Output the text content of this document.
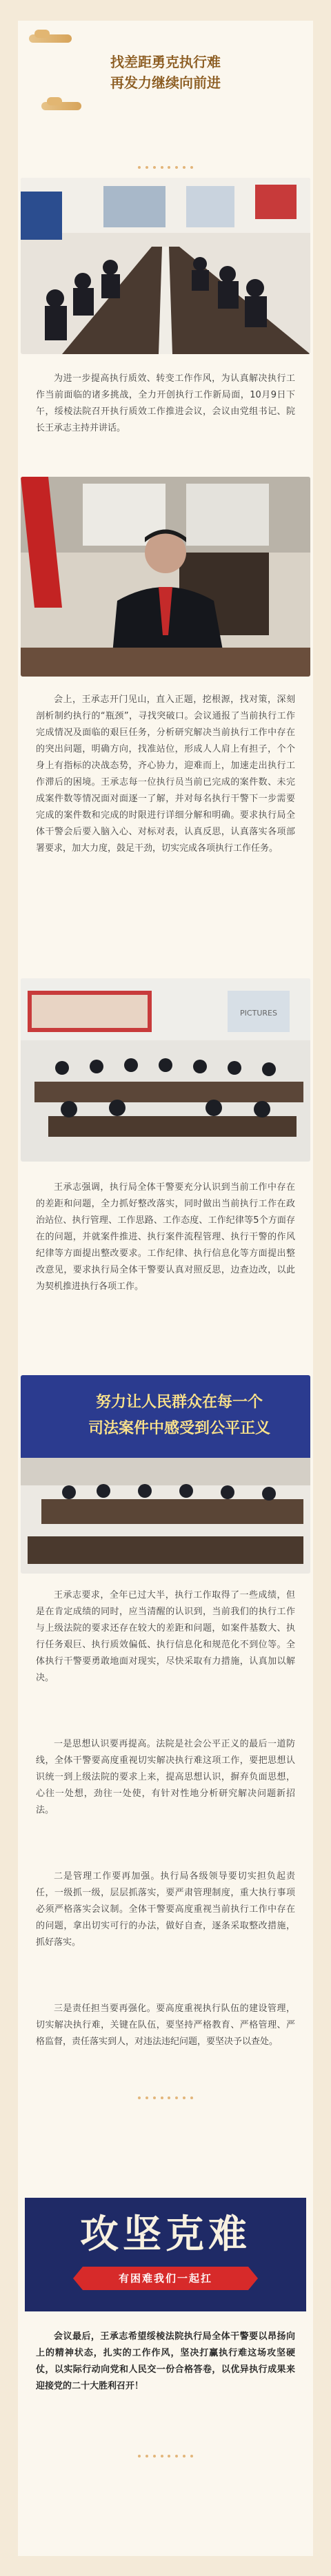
找差距勇克执行难
再发力继续向前进

为进一步提高执行质效、转变工作作风，为认真解决执行工作当前面临的诸多挑战，全力开创执行工作新局面，10月9日下午，绥棱法院召开执行质效工作推进会议，会议由党组书记、院长王承志主持并讲话。

会上，王承志开门见山，直入正题，挖根源，找对策，深刻剖析制约执行的“瓶颈”，寻找突破口。会议通报了当前执行工作完成情况及面临的艰巨任务，分析研究解决当前执行工作中存在的突出问题，明确方向，找准站位，形成人人肩上有担子，个个身上有指标的决战态势，齐心协力，迎难而上，加速走出执行工作滞后的困境。王承志每一位执行员当前已完成的案件数、未完成案件数等情况面对面逐一了解，并对每名执行干警下一步需要完成的案件数和完成的时限进行详细分解和明确。要求执行局全体干警会后要入脑入心、对标对表，认真反思，认真落实各项部署要求，加大力度，鼓足干劲，切实完成各项执行工作任务。

PICTURES

王承志强调，执行局全体干警要充分认识到当前工作中存在的差距和问题，全力抓好整改落实，同时做出当前执行工作在政治站位、执行管理、工作思路、工作态度、工作纪律等5个方面存在的问题，并就案件推进、执行案件流程管理、执行干警的作风纪律等方面提出整改要求。工作纪律、执行信息化等方面提出整改意见，要求执行局全体干警要认真对照反思，边查边改，以此为契机推进执行各项工作。

努力让人民群众在每一个
司法案件中感受到公平正义

王承志要求，全年已过大半，执行工作取得了一些成绩，但是在肯定成绩的同时，应当清醒的认识到，当前我们的执行工作与上级法院的要求还存在较大的差距和问题，如案件基数大、执行任务艰巨、执行质效偏低、执行信息化和规范化不到位等。全体执行干警要勇敢地面对现实，尽快采取有力措施，认真加以解决。

一是思想认识要再提高。法院是社会公平正义的最后一道防线，全体干警要高度重视切实解决执行难这项工作，要把思想认识统一到上级法院的要求上来，提高思想认识，摒弃负面思想，心往一处想，劲往一处使，有针对性地分析研究解决问题新招法。

二是管理工作要再加强。执行局各级领导要切实担负起责任，一级抓一级，层层抓落实，要严肃管理制度，重大执行事项必须严格落实会议制。全体干警要高度重视当前执行工作中存在的问题，拿出切实可行的办法，做好自查，逐条采取整改措施，抓好落实。

三是责任担当要再强化。要高度重视执行队伍的建设管理，切实解决执行难，关键在队伍，要坚持严格教育、严格管理、严格监督，责任落实到人，对违法违纪问题，要坚决予以查处。

攻坚克难
有困难我们一起扛

会议最后，王承志希望绥棱法院执行局全体干警要以昂扬向上的精神状态，扎实的工作作风，坚决打赢执行难这场攻坚硬仗，以实际行动向党和人民交一份合格答卷，以优异执行成果来迎接党的二十大胜利召开！
